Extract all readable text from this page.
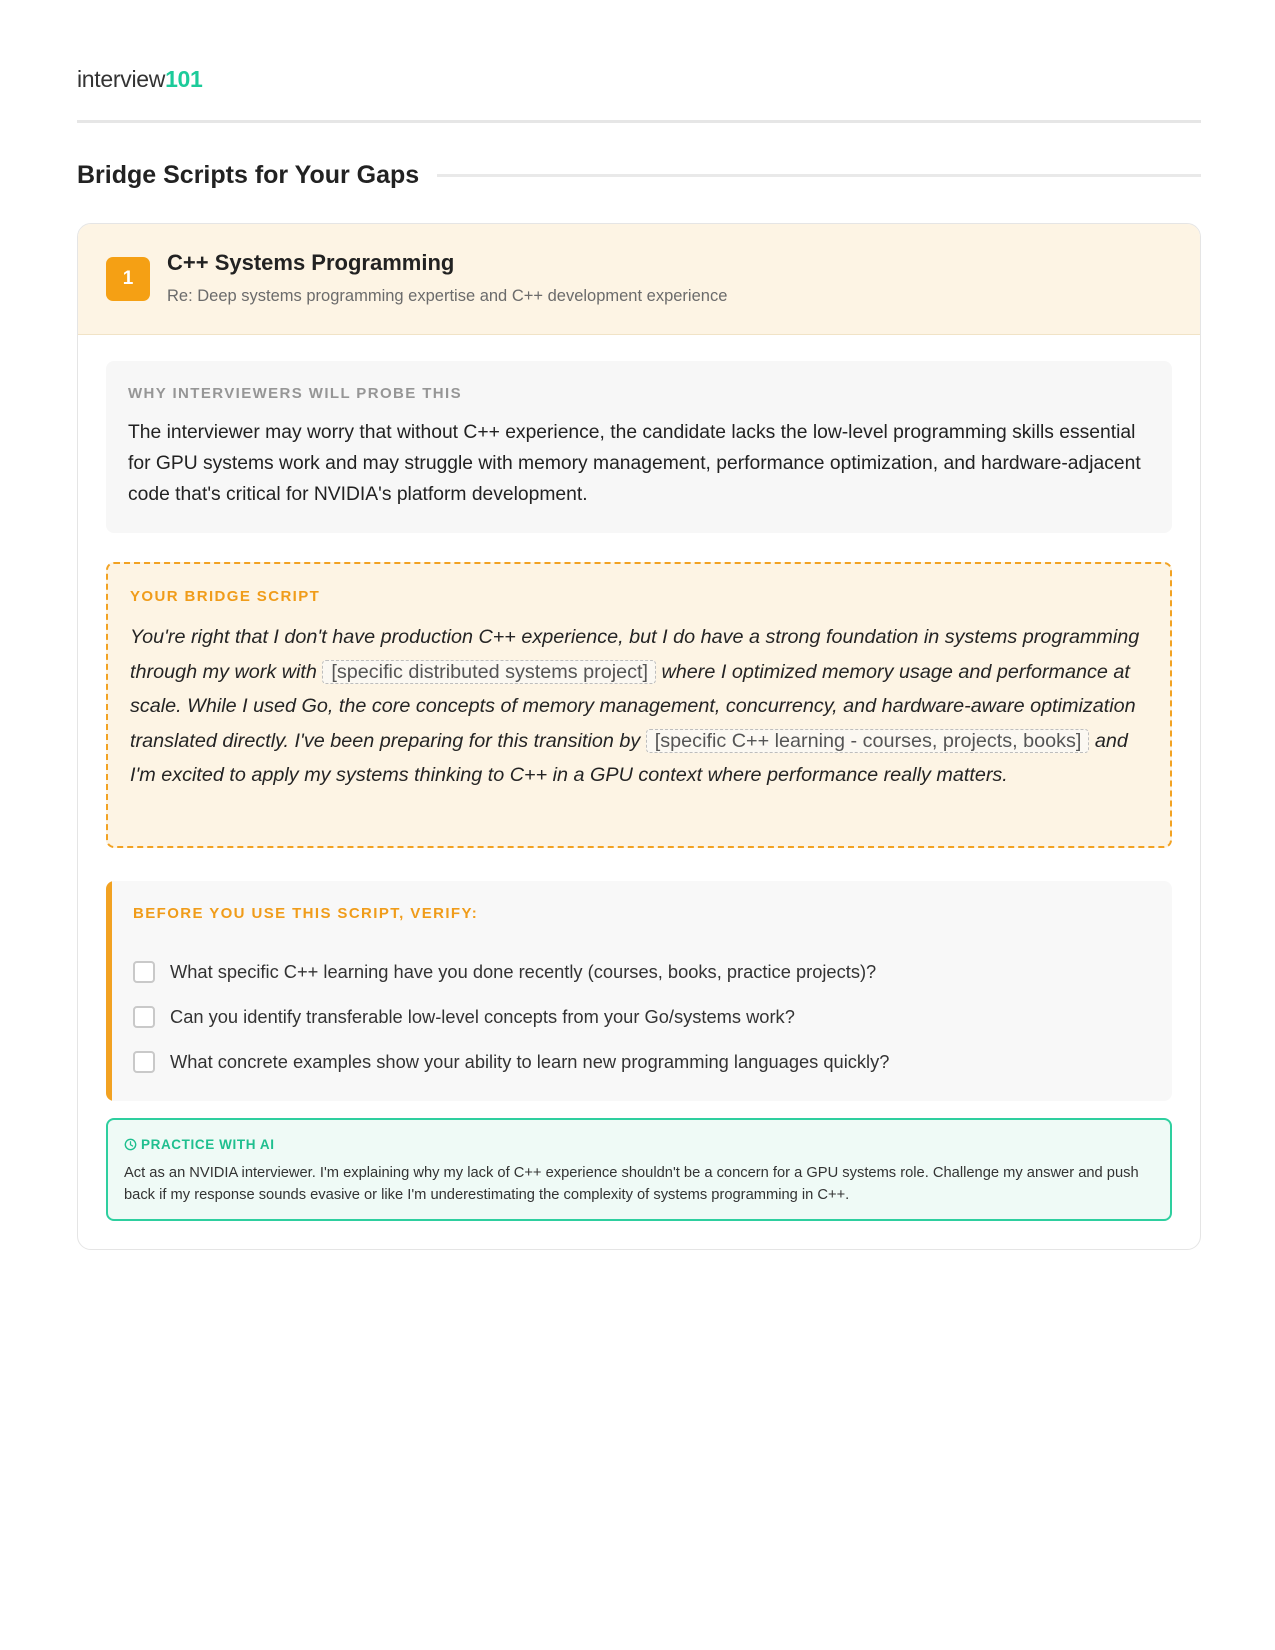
interview101
Bridge Scripts for Your Gaps
1
C++ Systems Programming
Re: Deep systems programming expertise and C++ development experience
WHY INTERVIEWERS WILL PROBE THIS
The interviewer may worry that without C++ experience, the candidate lacks the low-level programming skills essential for GPU systems work and may struggle with memory management, performance optimization, and hardware-adjacent code that's critical for NVIDIA's platform development.
YOUR BRIDGE SCRIPT
You're right that I don't have production C++ experience, but I do have a strong foundation in systems programming through my work with [specific distributed systems project] where I optimized memory usage and performance at scale. While I used Go, the core concepts of memory management, concurrency, and hardware-aware optimization translated directly. I've been preparing for this transition by [specific C++ learning - courses, projects, books] and I'm excited to apply my systems thinking to C++ in a GPU context where performance really matters.
BEFORE YOU USE THIS SCRIPT, VERIFY:
What specific C++ learning have you done recently (courses, books, practice projects)?
Can you identify transferable low-level concepts from your Go/systems work?
What concrete examples show your ability to learn new programming languages quickly?
PRACTICE WITH AI
Act as an NVIDIA interviewer. I'm explaining why my lack of C++ experience shouldn't be a concern for a GPU systems role. Challenge my answer and push back if my response sounds evasive or like I'm underestimating the complexity of systems programming in C++.
